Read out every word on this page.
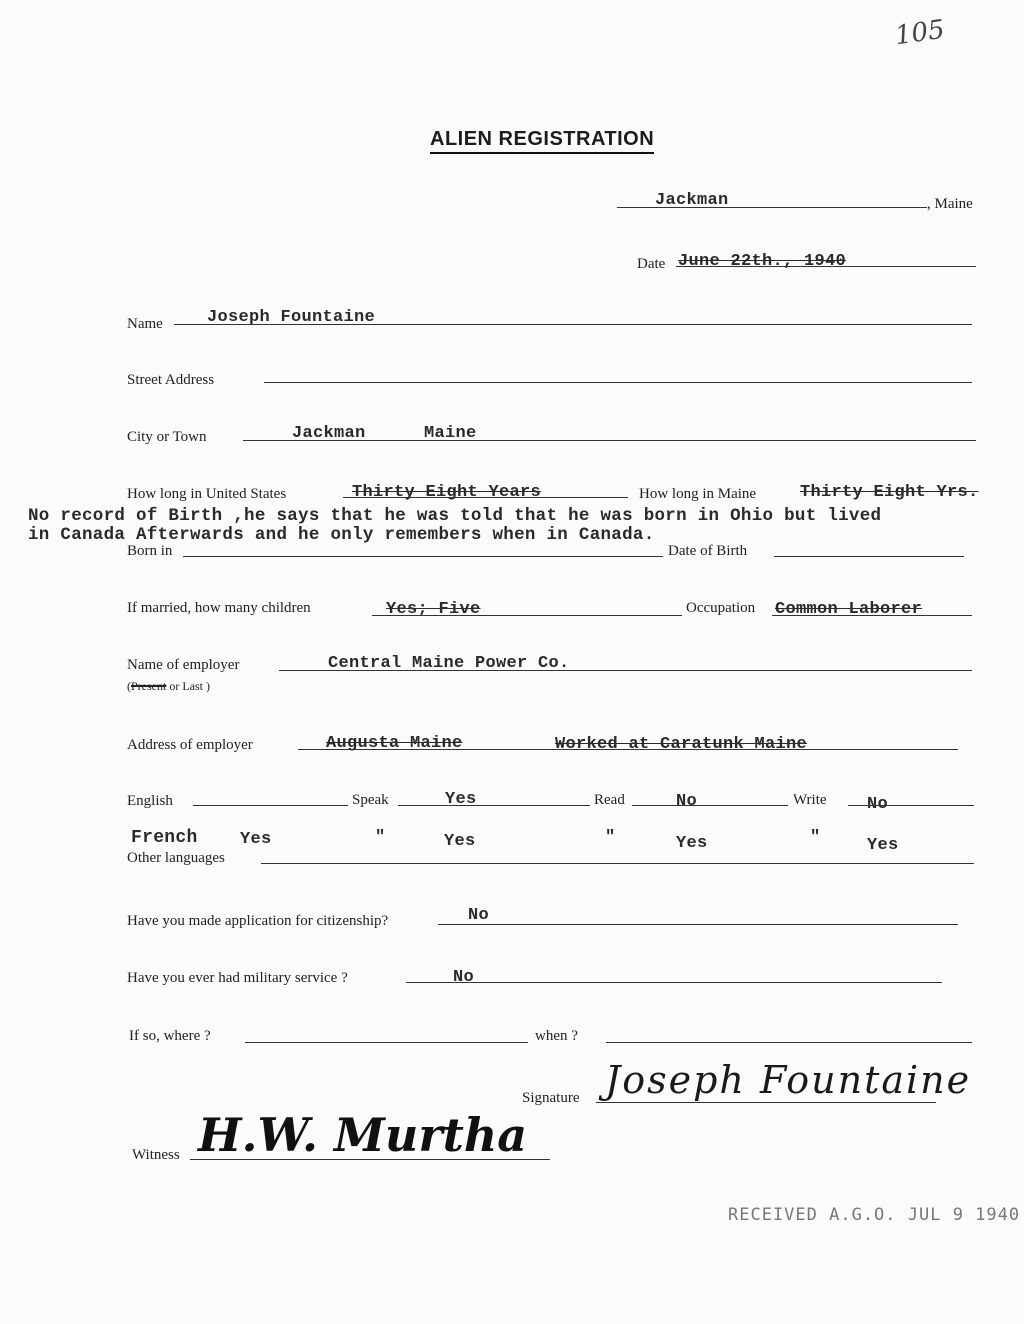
105
ALIEN REGISTRATION
Jackman	, Maine
Date June 22th., 1940
Name	Joseph Fountaine
Street Address
City or Town	Jackman	Maine
How long in United States	Thirty Eight Years	How long in Maine	Thirty Eight Yrs.
No record of Birth ,he says that he was told that he was born in Ohio but lived
in Canada Afterwards and he only remembers when in Canada.
Born in	Date of Birth
If married, how many children	Yes; Five	Occupation Common Laborer
Name of employer	Central Maine Power Co.
(Present or Last )
Address of employer	Augusta Maine	Worked at Caratunk Maine
English	Speak	Yes	Read	No	Write No
French Yes	"	Yes	"	Yes	"	Yes
Other languages
Have you made application for citizenship?	No
Have you ever had military service ?	No
If so, where ?	when ?
Signature Joseph Fountaine
Witness H.W. Murtha
RECEIVED A.G.O. JUL 9 1940
